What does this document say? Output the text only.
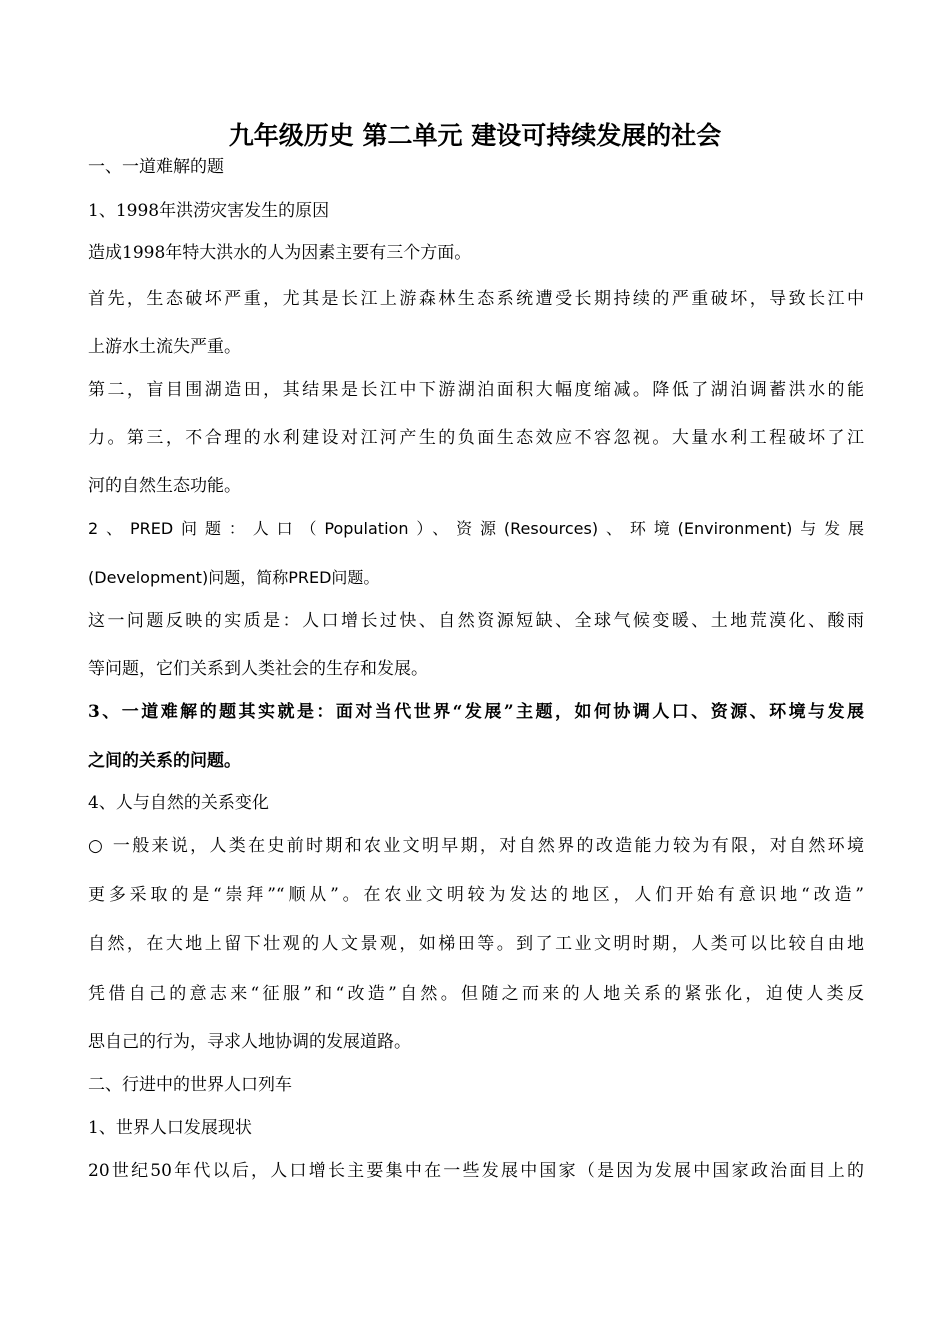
九年级历史 第二单元 建设可持续发展的社会
一、一道难解的题
1、1998年洪涝灾害发生的原因
造成1998年特大洪水的人为因素主要有三个方面。
首先，生态破坏严重，尤其是长江上游森林生态系统遭受长期持续的严重破坏，导致长江中
上游水土流失严重。
第二，盲目围湖造田，其结果是长江中下游湖泊面积大幅度缩减。降低了湖泊调蓄洪水的能
力。第三，不合理的水利建设对江河产生的负面生态效应不容忽视。大量水利工程破坏了江
河的自然生态功能。
2、PRED问题：人口（Population）、资源(Resources)、环境(Environment)与发展
(Development)问题，简称PRED问题。
这一问题反映的实质是：人口增长过快、自然资源短缺、全球气候变暖、土地荒漠化、酸雨
等问题，它们关系到人类社会的生存和发展。
3、一道难解的题其实就是：面对当代世界“发展”主题，如何协调人口、资源、环境与发展
之间的关系的问题。
4、人与自然的关系变化
○ 一般来说，人类在史前时期和农业文明早期，对自然界的改造能力较为有限，对自然环境
更多采取的是“崇拜”“顺从”。在农业文明较为发达的地区，人们开始有意识地“改造”
自然，在大地上留下壮观的人文景观，如梯田等。到了工业文明时期，人类可以比较自由地
凭借自己的意志来“征服”和“改造”自然。但随之而来的人地关系的紧张化，迫使人类反
思自己的行为，寻求人地协调的发展道路。
二、行进中的世界人口列车
1、世界人口发展现状
20世纪50年代以后，人口增长主要集中在一些发展中国家（是因为发展中国家政治面目上的
